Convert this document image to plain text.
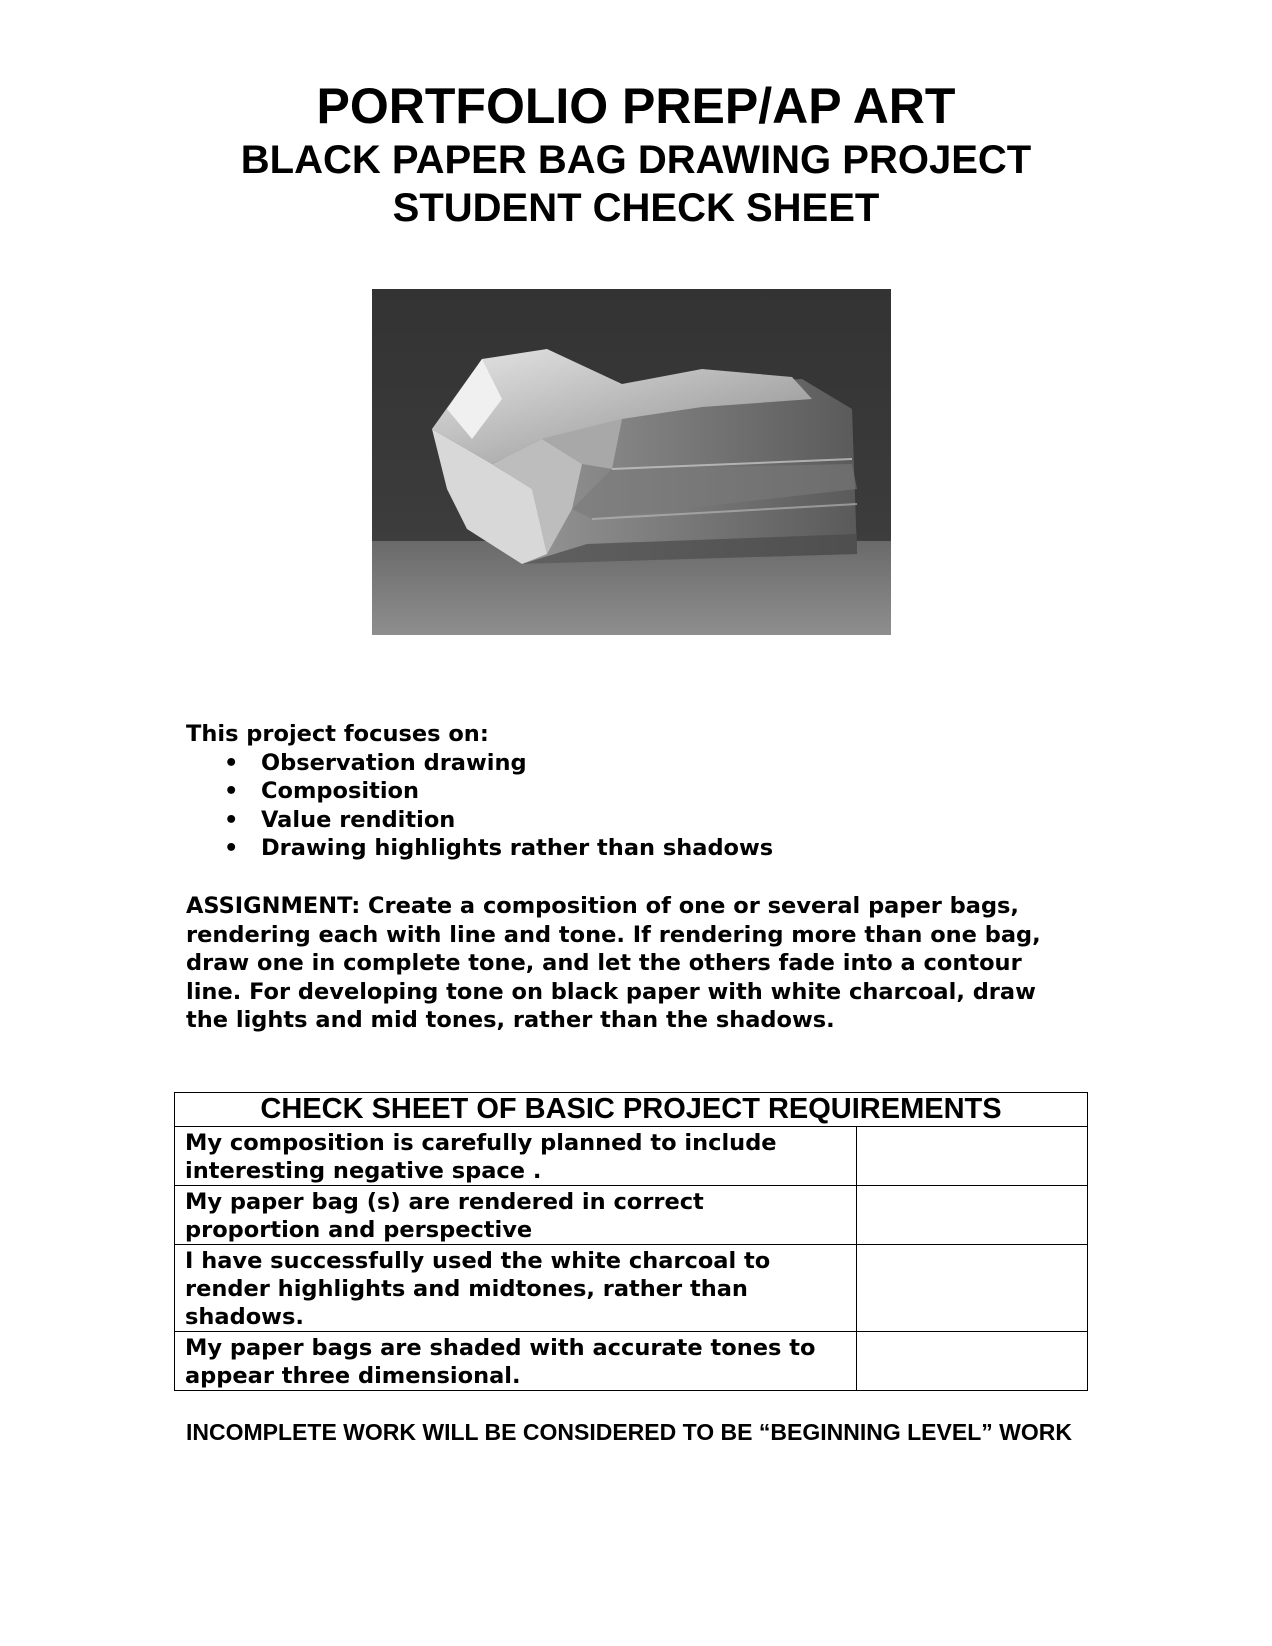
PORTFOLIO PREP/AP ART
BLACK PAPER BAG DRAWING PROJECT
STUDENT CHECK SHEET
This project focuses on:
• Observation drawing
• Composition
• Value rendition
• Drawing highlights rather than shadows
ASSIGNMENT: Create a composition of one or several paper bags, rendering each with line and tone. If rendering more than one bag, draw one in complete tone, and let the others fade into a contour line. For developing tone on black paper with white charcoal, draw the lights and mid tones, rather than the shadows.
CHECK SHEET OF BASIC PROJECT REQUIREMENTS	
My composition is carefully planned to include interesting negative space .	
My paper bag (s) are rendered in correct proportion and perspective	
I have successfully used the white charcoal to render highlights and midtones, rather than shadows.	
My paper bags are shaded with accurate tones to appear three dimensional.	
INCOMPLETE WORK WILL BE CONSIDERED TO BE “BEGINNING LEVEL” WORK
